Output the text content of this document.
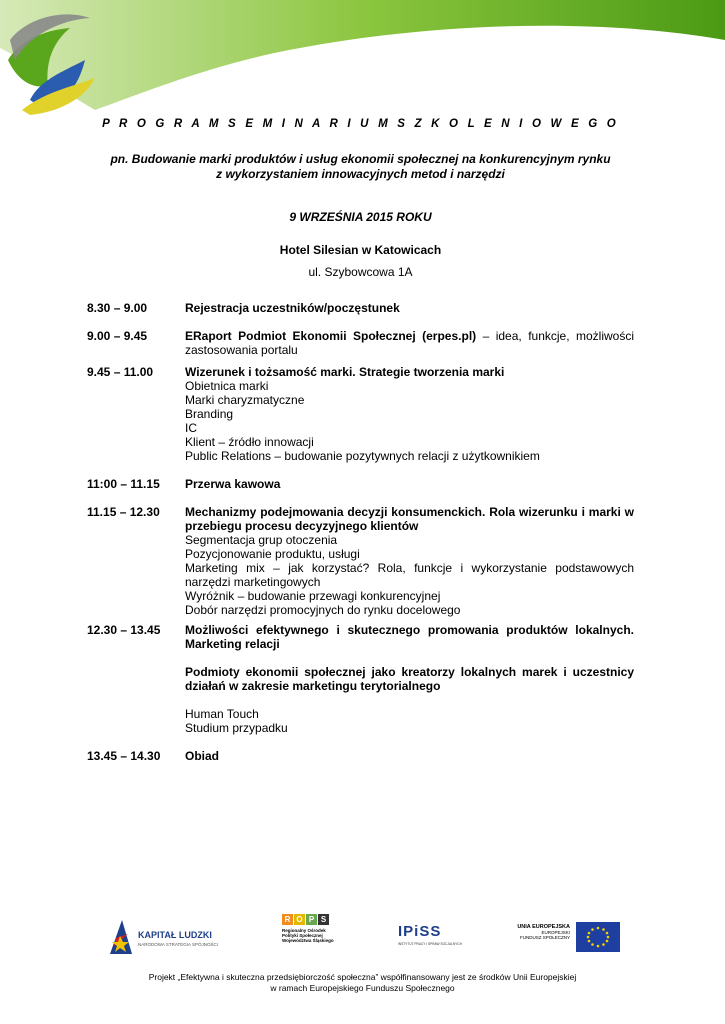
P R O G R A M S E M I N A R I U M S Z K O L E N I O W E G O

pn. Budowanie marki produktów i usług ekonomii społecznej na konkurencyjnym rynku
z wykorzystaniem innowacyjnych metod i narzędzi
9 WRZEŚNIA 2015 ROKU
Hotel Silesian w Katowicach
ul. Szybowcowa 1A
8.30 – 9.00	Rejestracja uczestników/poczęstunek
9.00 – 9.45	ERaport Podmiot Ekonomii Społecznej (erpes.pl) – idea, funkcje, możliwości zastosowania portalu
9.45 – 11.00	Wizerunek i tożsamość marki. Strategie tworzenia marki
Obietnica marki
Marki charyzmatyczne
Branding
IC
Klient – źródło innowacji
Public Relations – budowanie pozytywnych relacji z użytkownikiem
11:00 – 11.15	Przerwa kawowa
11.15 – 12.30	Mechanizmy podejmowania decyzji konsumenckich. Rola wizerunku i marki w przebiegu procesu decyzyjnego klientów
Segmentacja grup otoczenia
Pozycjonowanie produktu, usługi
Marketing mix – jak korzystać? Rola, funkcje i wykorzystanie podstawowych narzędzi marketingowych
Wyróżnik – budowanie przewagi konkurencyjnej
Dobór narzędzi promocyjnych do rynku docelowego
12.30 – 13.45	Możliwości efektywnego i skutecznego promowania produktów lokalnych. Marketing relacji
Podmioty ekonomii społecznej jako kreatorzy lokalnych marek i uczestnicy działań w zakresie marketingu terytorialnego
Human Touch
Studium przypadku
13.45 – 14.30	Obiad
KAPITAŁ LUDZKI
NARODOWA STRATEGIA SPÓJNOŚCI
R O P S
Regionalny Ośrodek
Polityki Społecznej
Województwa Śląskiego
IPiSS
INSTYTUT PRACY I SPRAW SOCJALNYCH
UNIA EUROPEJSKA
EUROPEJSKI
FUNDUSZ SPOŁECZNY
Projekt „Efektywna i skuteczna przedsiębiorczość społeczna” współfinansowany jest ze środków Unii Europejskiej
w ramach Europejskiego Funduszu Społecznego
